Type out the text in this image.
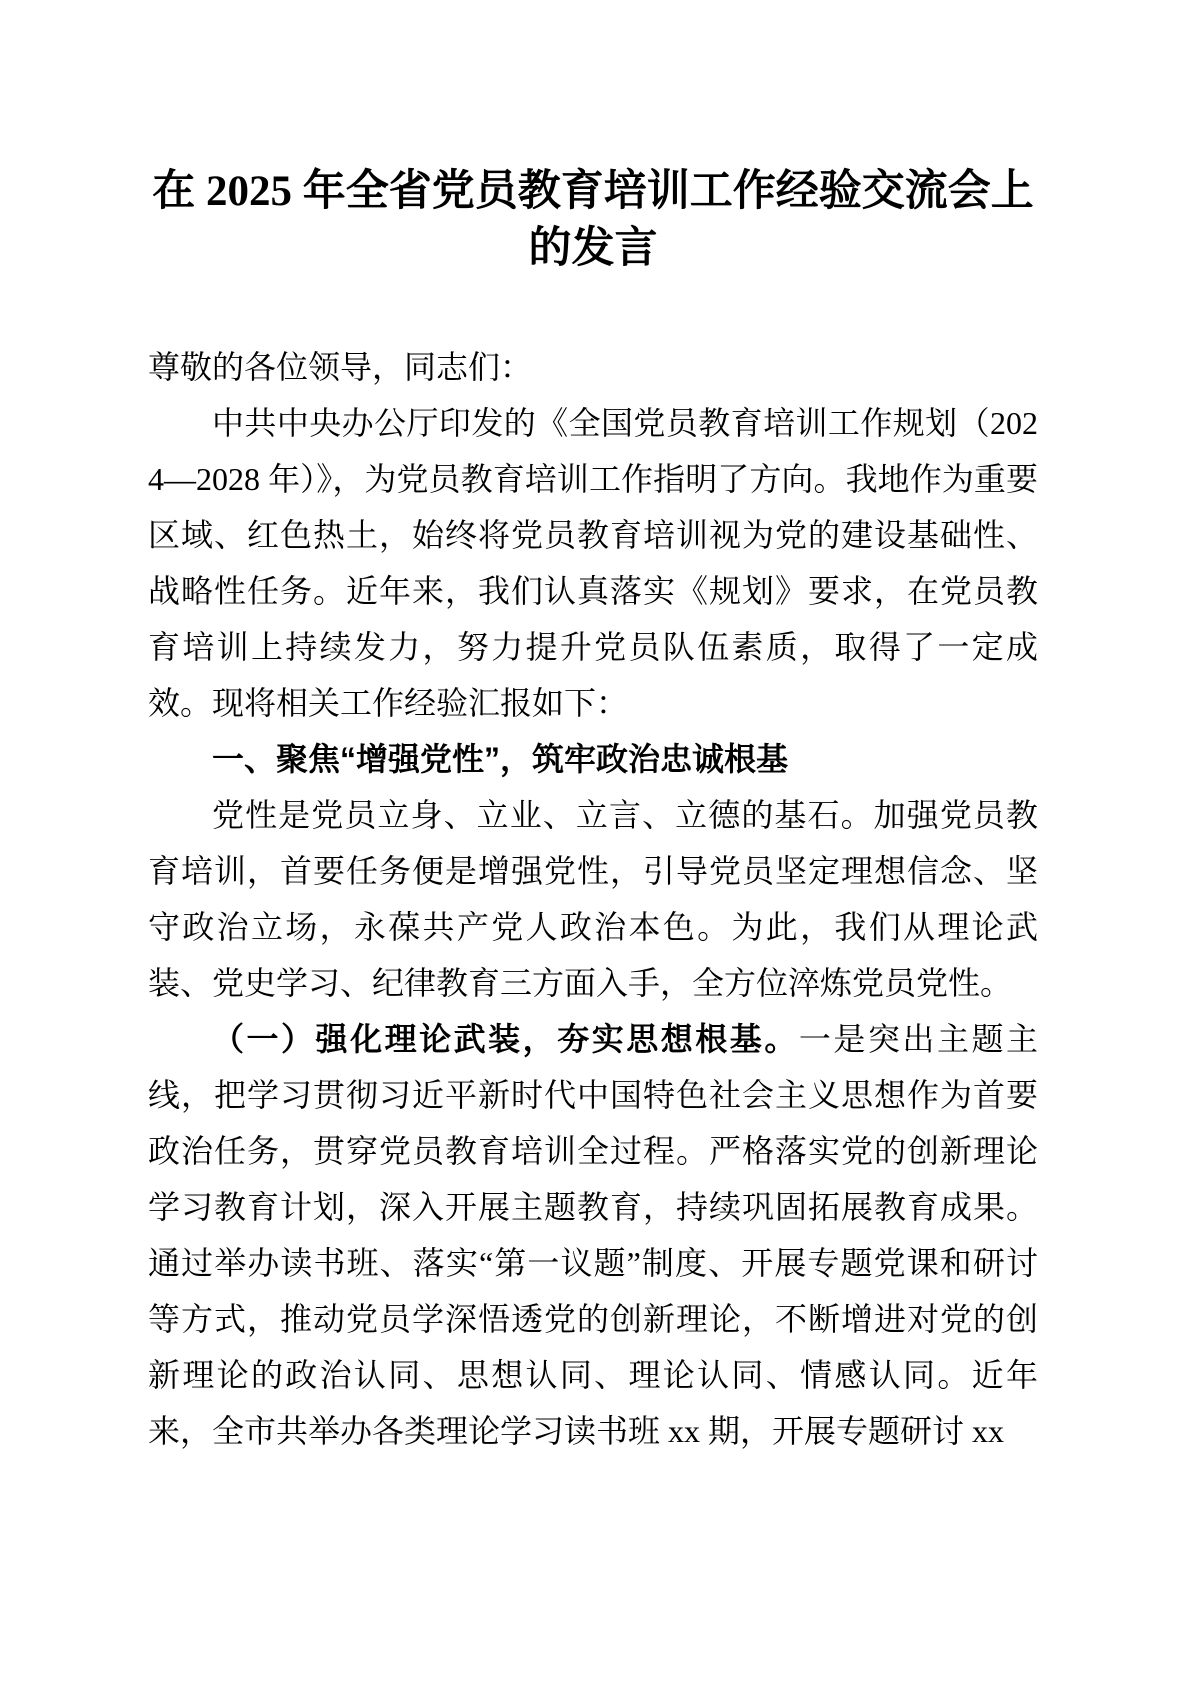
在 2025 年全省党员教育培训工作经验交流会上的发言

尊敬的各位领导，同志们：

中共中央办公厅印发的《全国党员教育培训工作规划（2024—2028 年）》，为党员教育培训工作指明了方向。我地作为重要区域、红色热土，始终将党员教育培训视为党的建设基础性、战略性任务。近年来，我们认真落实《规划》要求，在党员教育培训上持续发力，努力提升党员队伍素质，取得了一定成效。现将相关工作经验汇报如下：

一、聚焦“增强党性”，筑牢政治忠诚根基

党性是党员立身、立业、立言、立德的基石。加强党员教育培训，首要任务便是增强党性，引导党员坚定理想信念、坚守政治立场，永葆共产党人政治本色。为此，我们从理论武装、党史学习、纪律教育三方面入手，全方位淬炼党员党性。

（一）强化理论武装，夯实思想根基。一是突出主题主线，把学习贯彻习近平新时代中国特色社会主义思想作为首要政治任务，贯穿党员教育培训全过程。严格落实党的创新理论学习教育计划，深入开展主题教育，持续巩固拓展教育成果。通过举办读书班、落实“第一议题”制度、开展专题党课和研讨等方式，推动党员学深悟透党的创新理论，不断增进对党的创新理论的政治认同、思想认同、理论认同、情感认同。近年来，全市共举办各类理论学习读书班 xx 期，开展专题研讨 xx
